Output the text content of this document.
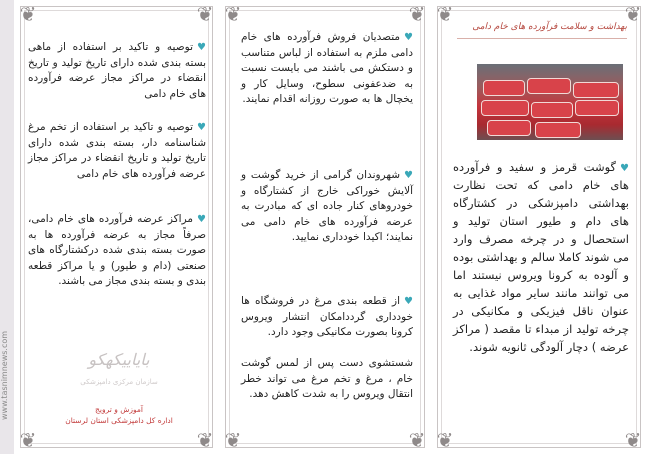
www.tasnimnews.com
❦	❦
❦	❦
♥توصیه و تاکید بر استفاده از ماهی بسته بندی شده دارای تاریخ تولید و تاریخ انقضاء در مراکز مجاز عرضه فرآورده های خام دامی
♥توصیه و تاکید بر استفاده از تخم مرغ شناسنامه دار، بسته بندی شده دارای تاریخ تولید و تاریخ انقضاء در مراکز مجاز عرضه فرآورده های خام دامی
♥مراکز عرضه فرآورده های خام دامی، صرفاً مجاز به عرضه فرآورده ها به صورت بسته بندی شده درکشتارگاه های صنعتی (دام و طیور) و یا مراکز قطعه بندی و بسته بندی مجاز می باشند.
بایاییکهکو
سازمان مرکزی دامپزشکی
آموزش و ترویج
اداره کل دامپزشکی استان لرستان
❦	❦
❦	❦
♥متصدیان فروش فرآورده های خام دامی ملزم به استفاده از لباس متناسب و دستکش می باشند می بایست نسبت به ضدعفونی سطوح، وسایل کار و یخچال ها به صورت روزانه اقدام نمایند.
♥شهروندان گرامی از خرید گوشت و آلایش خوراکی خارج از کشتارگاه و خودروهای کنار جاده ای که مبادرت به عرضه فرآورده های خام دامی می نمایند؛ اکیدا خودداری نمایید.
♥از قطعه بندی مرغ در فروشگاه ها خودداری گرددامکان انتشار ویروس کرونا بصورت مکانیکی وجود دارد.
شستشوی دست پس از لمس گوشت خام ، مرغ و تخم مرغ می تواند خطر انتقال ویروس را به شدت کاهش دهد.
❦	❦
❦	❦
بهداشت و سلامت فرآورده های خام دامی
♥گوشت قرمز و سفید و فرآورده های خام دامی که تحت نظارت بهداشتی دامپزشکی در کشتارگاه های دام و طیور استان تولید و استحصال و در چرخه مصرف وارد می شوند کاملا سالم و بهداشتی بوده و آلوده به کرونا ویروس نیستند اما می توانند مانند سایر مواد غذایی به عنوان ناقل فیزیکی و مکانیکی در چرخه تولید از مبداء تا مقصد ( مراکز عرضه ) دچار آلودگی ثانویه شوند.
